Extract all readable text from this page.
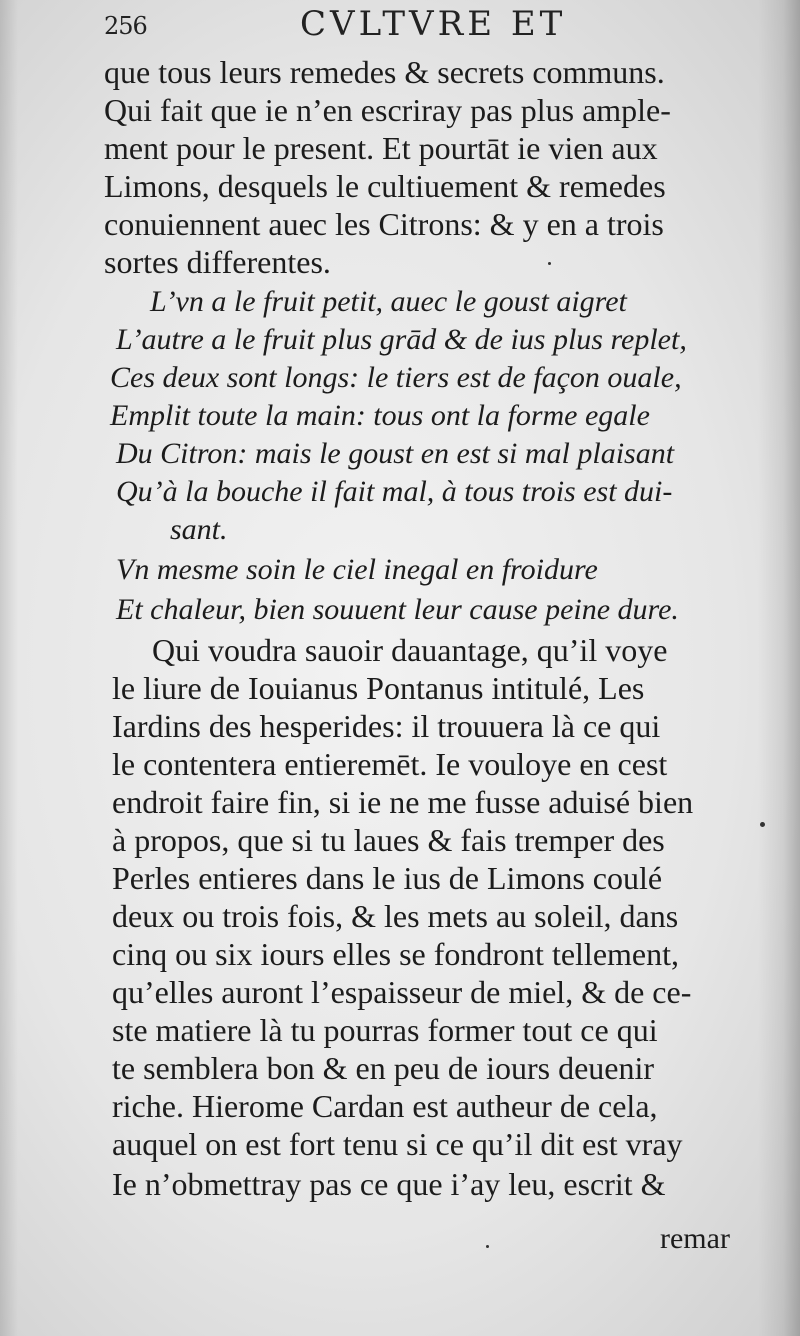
256	CVLTVRE ET
que tous leurs remedes & secrets communs.
Qui fait que ie n’en escriray pas plus ample-
ment pour le present. Et pourtāt ie vien aux
Limons, desquels le cultiuement & remedes
conuiennent auec les Citrons: & y en a trois
sortes differentes.
L’vn a le fruit petit, auec le goust aigret
L’autre a le fruit plus grād & de ius plus replet,
Ces deux sont longs: le tiers est de façon ouale,
Emplit toute la main: tous ont la forme egale
Du Citron: mais le goust en est si mal plaisant
Qu’à la bouche il fait mal, à tous trois est dui-
sant.
Vn mesme soin le ciel inegal en froidure
Et chaleur, bien souuent leur cause peine dure.
Qui voudra sauoir dauantage, qu’il voye
le liure de Iouianus Pontanus intitulé, Les
Iardins des hesperides: il trouuera là ce qui
le contentera entieremēt. Ie vouloye en cest
endroit faire fin, si ie ne me fusse aduisé bien
à propos, que si tu laues & fais tremper des
Perles entieres dans le ius de Limons coulé
deux ou trois fois, & les mets au soleil, dans
cinq ou six iours elles se fondront tellement,
qu’elles auront l’espaisseur de miel, & de ce-
ste matiere là tu pourras former tout ce qui
te semblera bon & en peu de iours deuenir
riche. Hierome Cardan est autheur de cela,
auquel on est fort tenu si ce qu’il dit est vray
Ie n’obmettray pas ce que i’ay leu, escrit &
remar
